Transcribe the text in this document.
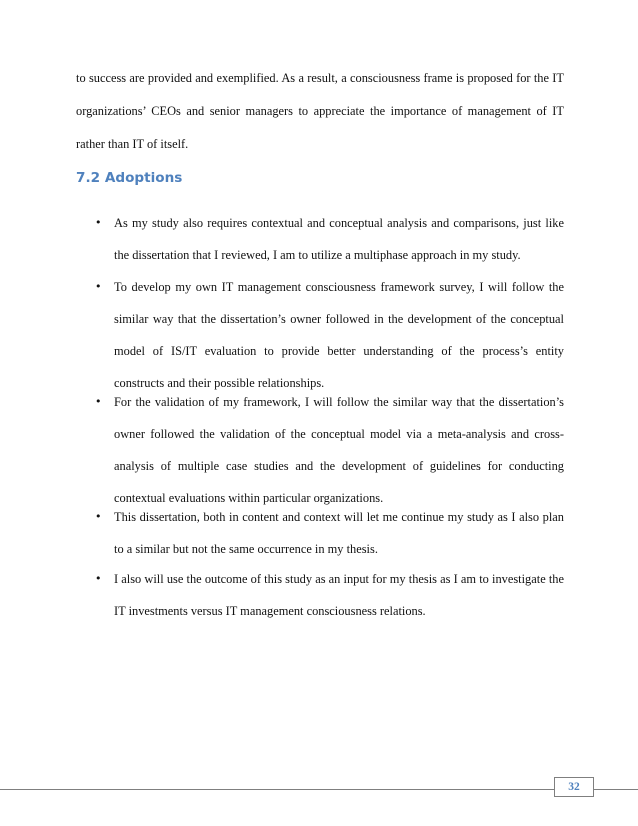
to success are provided and exemplified. As a result, a consciousness frame is proposed for the IT organizations’ CEOs and senior managers to appreciate the importance of management of IT rather than IT of itself.

7.2 Adoptions
• As my study also requires contextual and conceptual analysis and comparisons, just like the dissertation that I reviewed, I am to utilize a multiphase approach in my study.
• To develop my own IT management consciousness framework survey, I will follow the similar way that the dissertation’s owner followed in the development of the conceptual model of IS/IT evaluation to provide better understanding of the process’s entity constructs and their possible relationships.
• For the validation of my framework, I will follow the similar way that the dissertation’s owner followed the validation of the conceptual model via a meta-analysis and cross-analysis of multiple case studies and the development of guidelines for conducting contextual evaluations within particular organizations.
• This dissertation, both in content and context will let me continue my study as I also plan to a similar but not the same occurrence in my thesis.
• I also will use the outcome of this study as an input for my thesis as I am to investigate the IT investments versus IT management consciousness relations.
32
